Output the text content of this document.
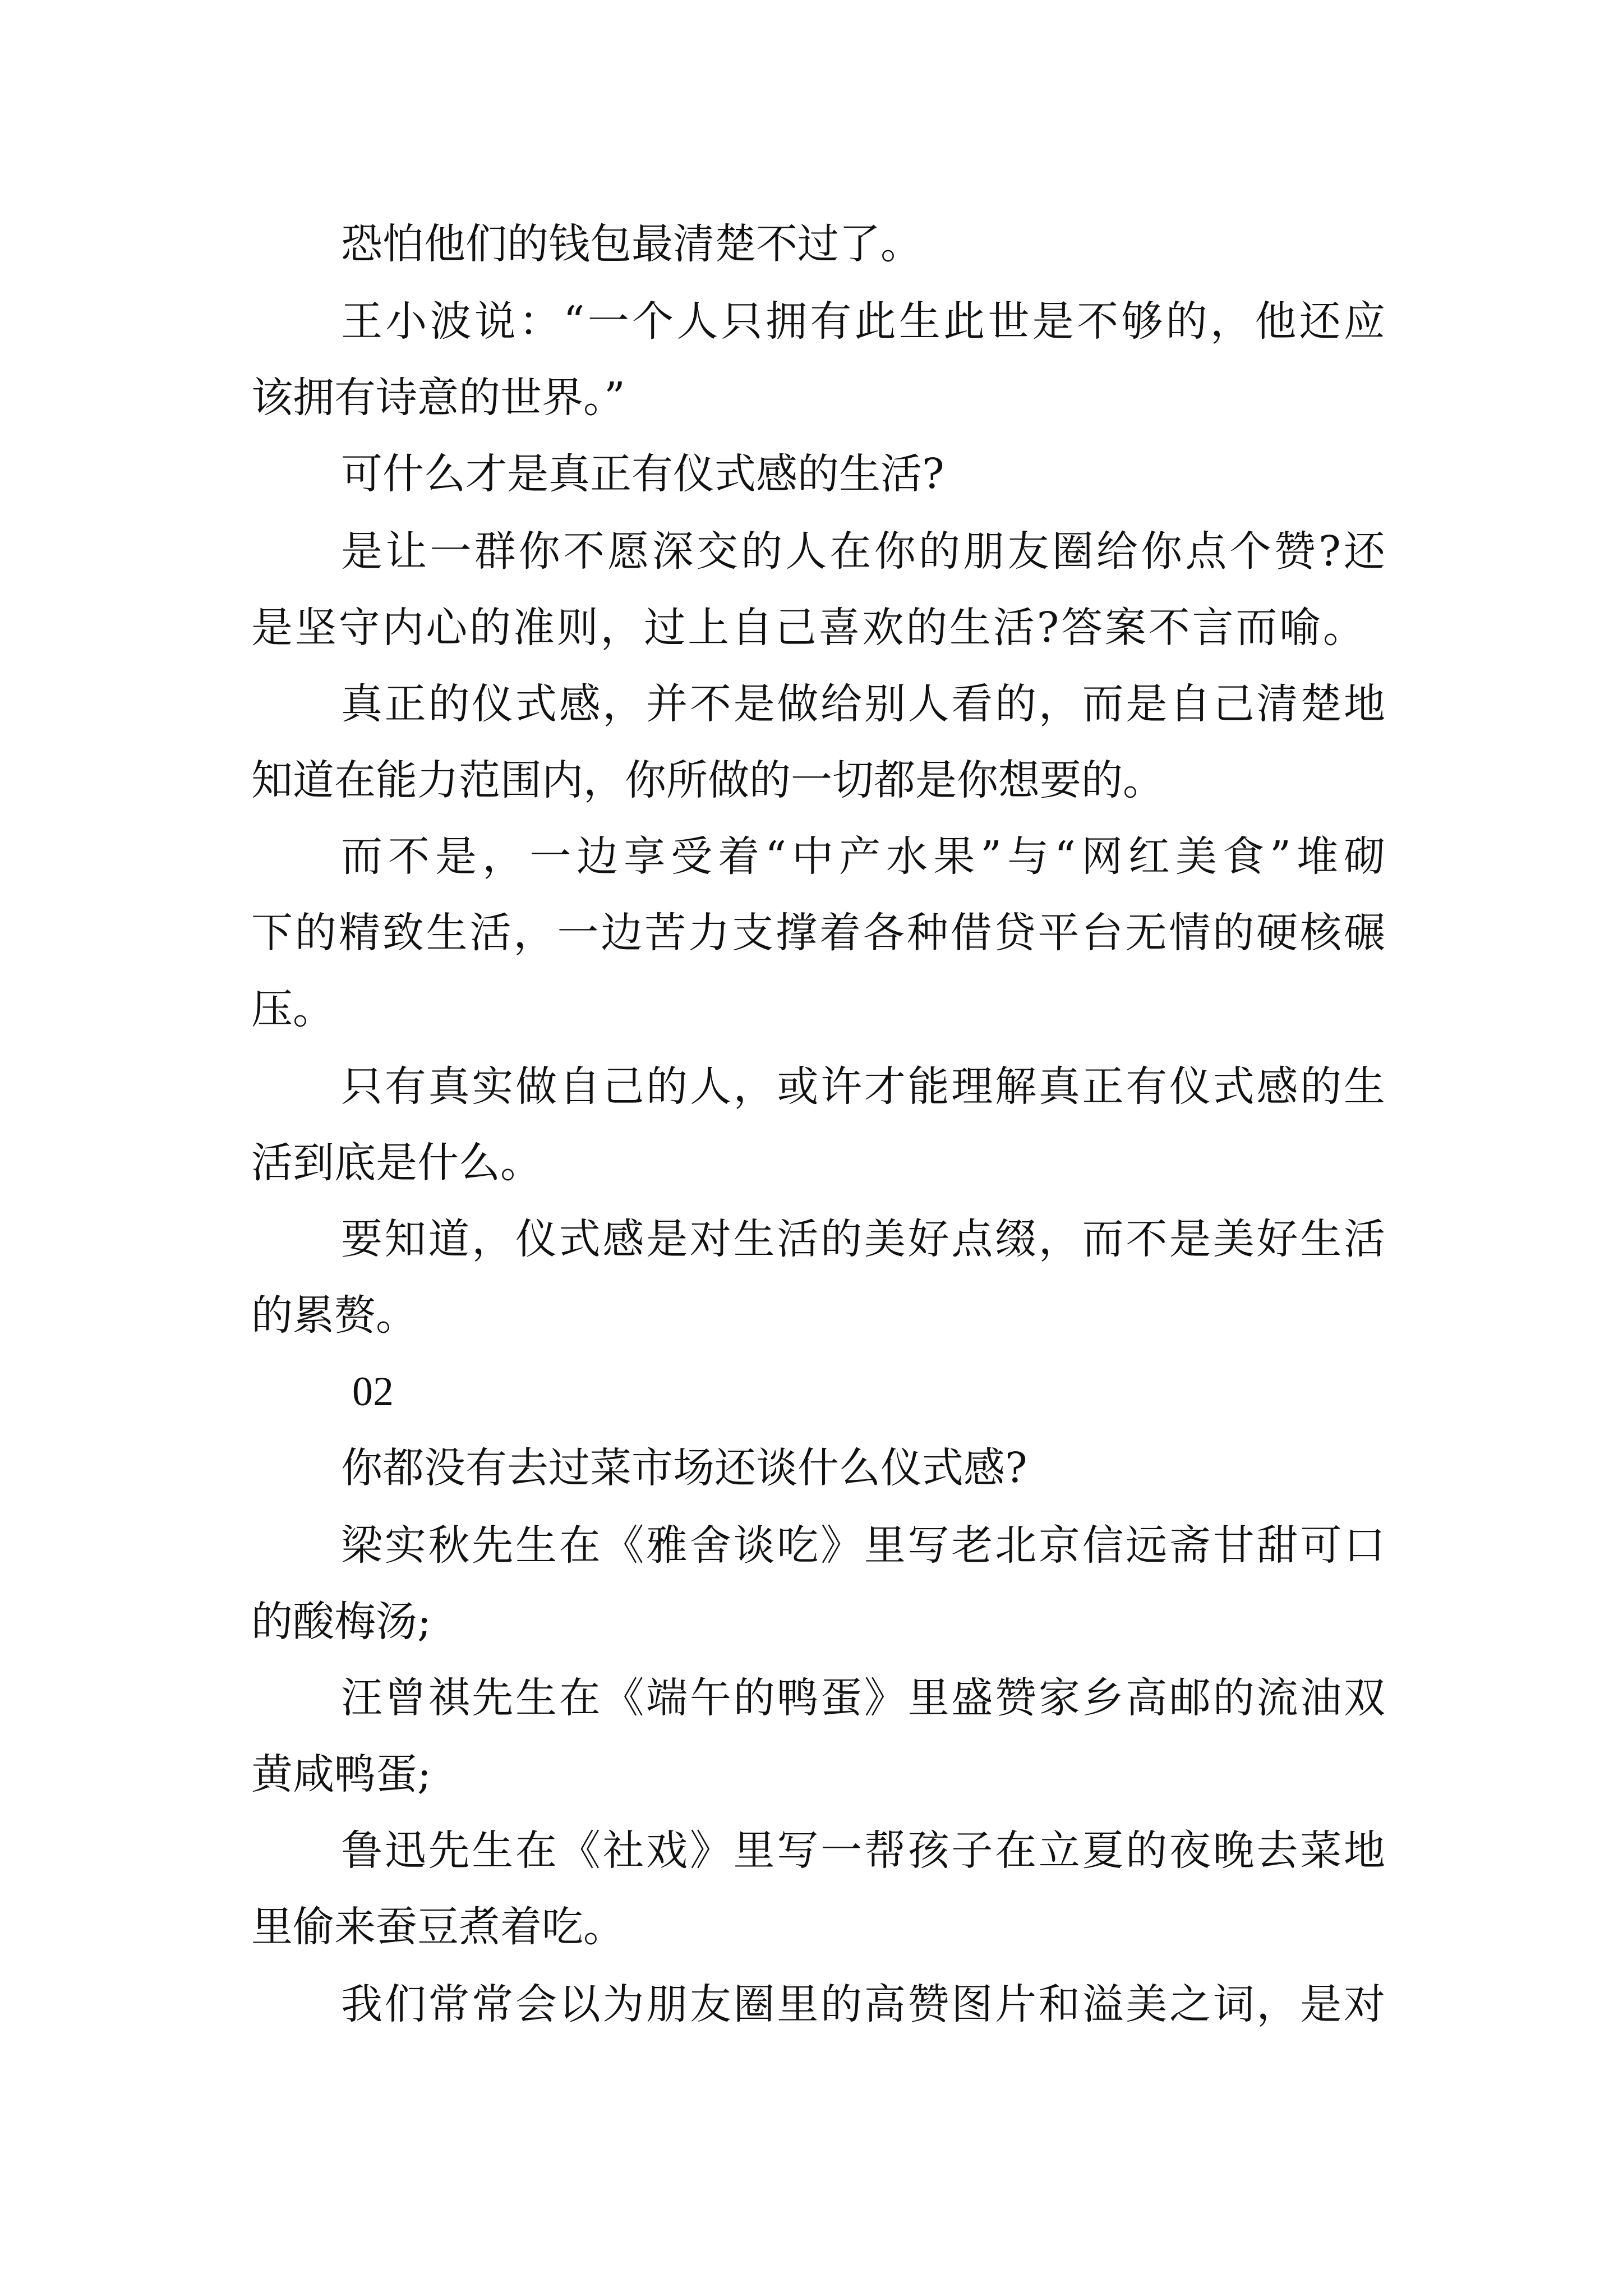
恐怕他们的钱包最清楚不过了。
王小波说：“一个人只拥有此生此世是不够的，他还应
该拥有诗意的世界。”
可什么才是真正有仪式感的生活?
是让一群你不愿深交的人在你的朋友圈给你点个赞?还
是坚守内心的准则，过上自己喜欢的生活?答案不言而喻。
真正的仪式感，并不是做给别人看的，而是自己清楚地
知道在能力范围内，你所做的一切都是你想要的。
而不是，一边享受着“中产水果”与“网红美食”堆砌
下的精致生活，一边苦力支撑着各种借贷平台无情的硬核碾
压。
只有真实做自己的人，或许才能理解真正有仪式感的生
活到底是什么。
要知道，仪式感是对生活的美好点缀，而不是美好生活
的累赘。
02
你都没有去过菜市场还谈什么仪式感?
梁实秋先生在《雅舍谈吃》里写老北京信远斋甘甜可口
的酸梅汤;
汪曾祺先生在《端午的鸭蛋》里盛赞家乡高邮的流油双
黄咸鸭蛋;
鲁迅先生在《社戏》里写一帮孩子在立夏的夜晚去菜地
里偷来蚕豆煮着吃。
我们常常会以为朋友圈里的高赞图片和溢美之词，是对
